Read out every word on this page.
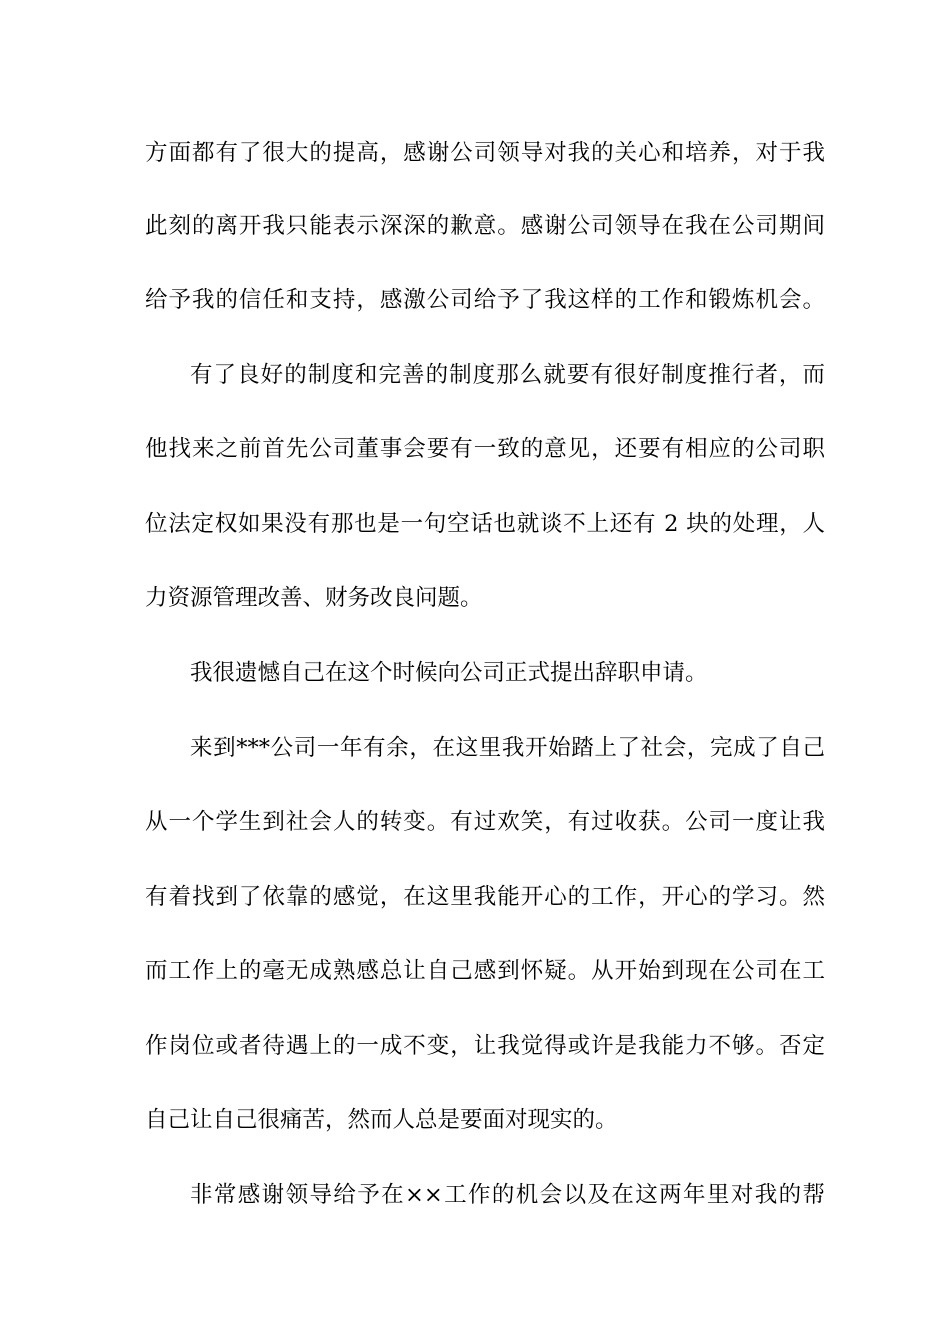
方面都有了很大的提高，感谢公司领导对我的关心和培养，对于我
此刻的离开我只能表示深深的歉意。感谢公司领导在我在公司期间
给予我的信任和支持，感激公司给予了我这样的工作和锻炼机会。
有了良好的制度和完善的制度那么就要有很好制度推行者，而
他找来之前首先公司董事会要有一致的意见，还要有相应的公司职
位法定权如果没有那也是一句空话也就谈不上还有 2 块的处理，人
力资源管理改善、财务改良问题。
我很遗憾自己在这个时候向公司正式提出辞职申请。
来到***公司一年有余，在这里我开始踏上了社会，完成了自己
从一个学生到社会人的转变。有过欢笑，有过收获。公司一度让我
有着找到了依靠的感觉，在这里我能开心的工作，开心的学习。然
而工作上的毫无成熟感总让自己感到怀疑。从开始到现在公司在工
作岗位或者待遇上的一成不变，让我觉得或许是我能力不够。否定
自己让自己很痛苦，然而人总是要面对现实的。
非常感谢领导给予在××工作的机会以及在这两年里对我的帮
